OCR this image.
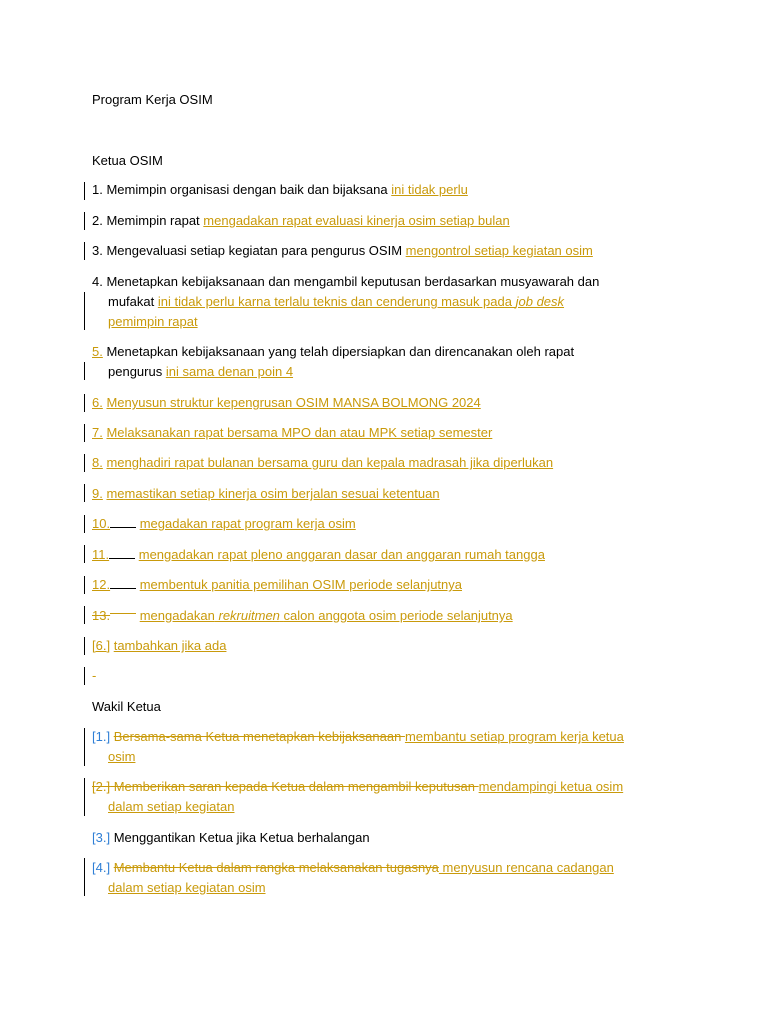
Program Kerja OSIM
Ketua OSIM
1. Memimpin organisasi dengan baik dan bijaksana ini tidak perlu
2. Memimpin rapat mengadakan rapat evaluasi kinerja osim setiap bulan
3. Mengevaluasi setiap kegiatan para pengurus OSIM mengontrol setiap kegiatan osim
4. Menetapkan kebijaksanaan dan mengambil keputusan berdasarkan musyawarah dan
mufakat ini tidak perlu karna terlalu teknis dan cenderung masuk pada job desk
pemimpin rapat
5. Menetapkan kebijaksanaan yang telah dipersiapkan dan direncanakan oleh rapat
pengurus ini sama denan poin 4
6. Menyusun struktur kepengrusan OSIM MANSA BOLMONG 2024
7. Melaksanakan rapat bersama MPO dan atau MPK setiap semester
8. menghadiri rapat bulanan bersama guru dan kepala madrasah jika diperlukan
9. memastikan setiap kinerja osim berjalan sesuai ketentuan
10. megadakan rapat program kerja osim
11. mengadakan rapat pleno anggaran dasar dan anggaran rumah tangga
12. membentuk panitia pemilihan OSIM periode selanjutnya
13. mengadakan rekruitmen calon anggota osim periode selanjutnya
[6.] tambahkan jika ada
-
Wakil Ketua
[1.] Bersama-sama Ketua menetapkan kebijaksanaan membantu setiap program kerja ketua
osim
[2.] Memberikan saran kepada Ketua dalam mengambil keputusan mendampingi ketua osim
dalam setiap kegiatan
[3.] Menggantikan Ketua jika Ketua berhalangan
[4.] Membantu Ketua dalam rangka melaksanakan tugasnya menyusun rencana cadangan
dalam setiap kegiatan osim
